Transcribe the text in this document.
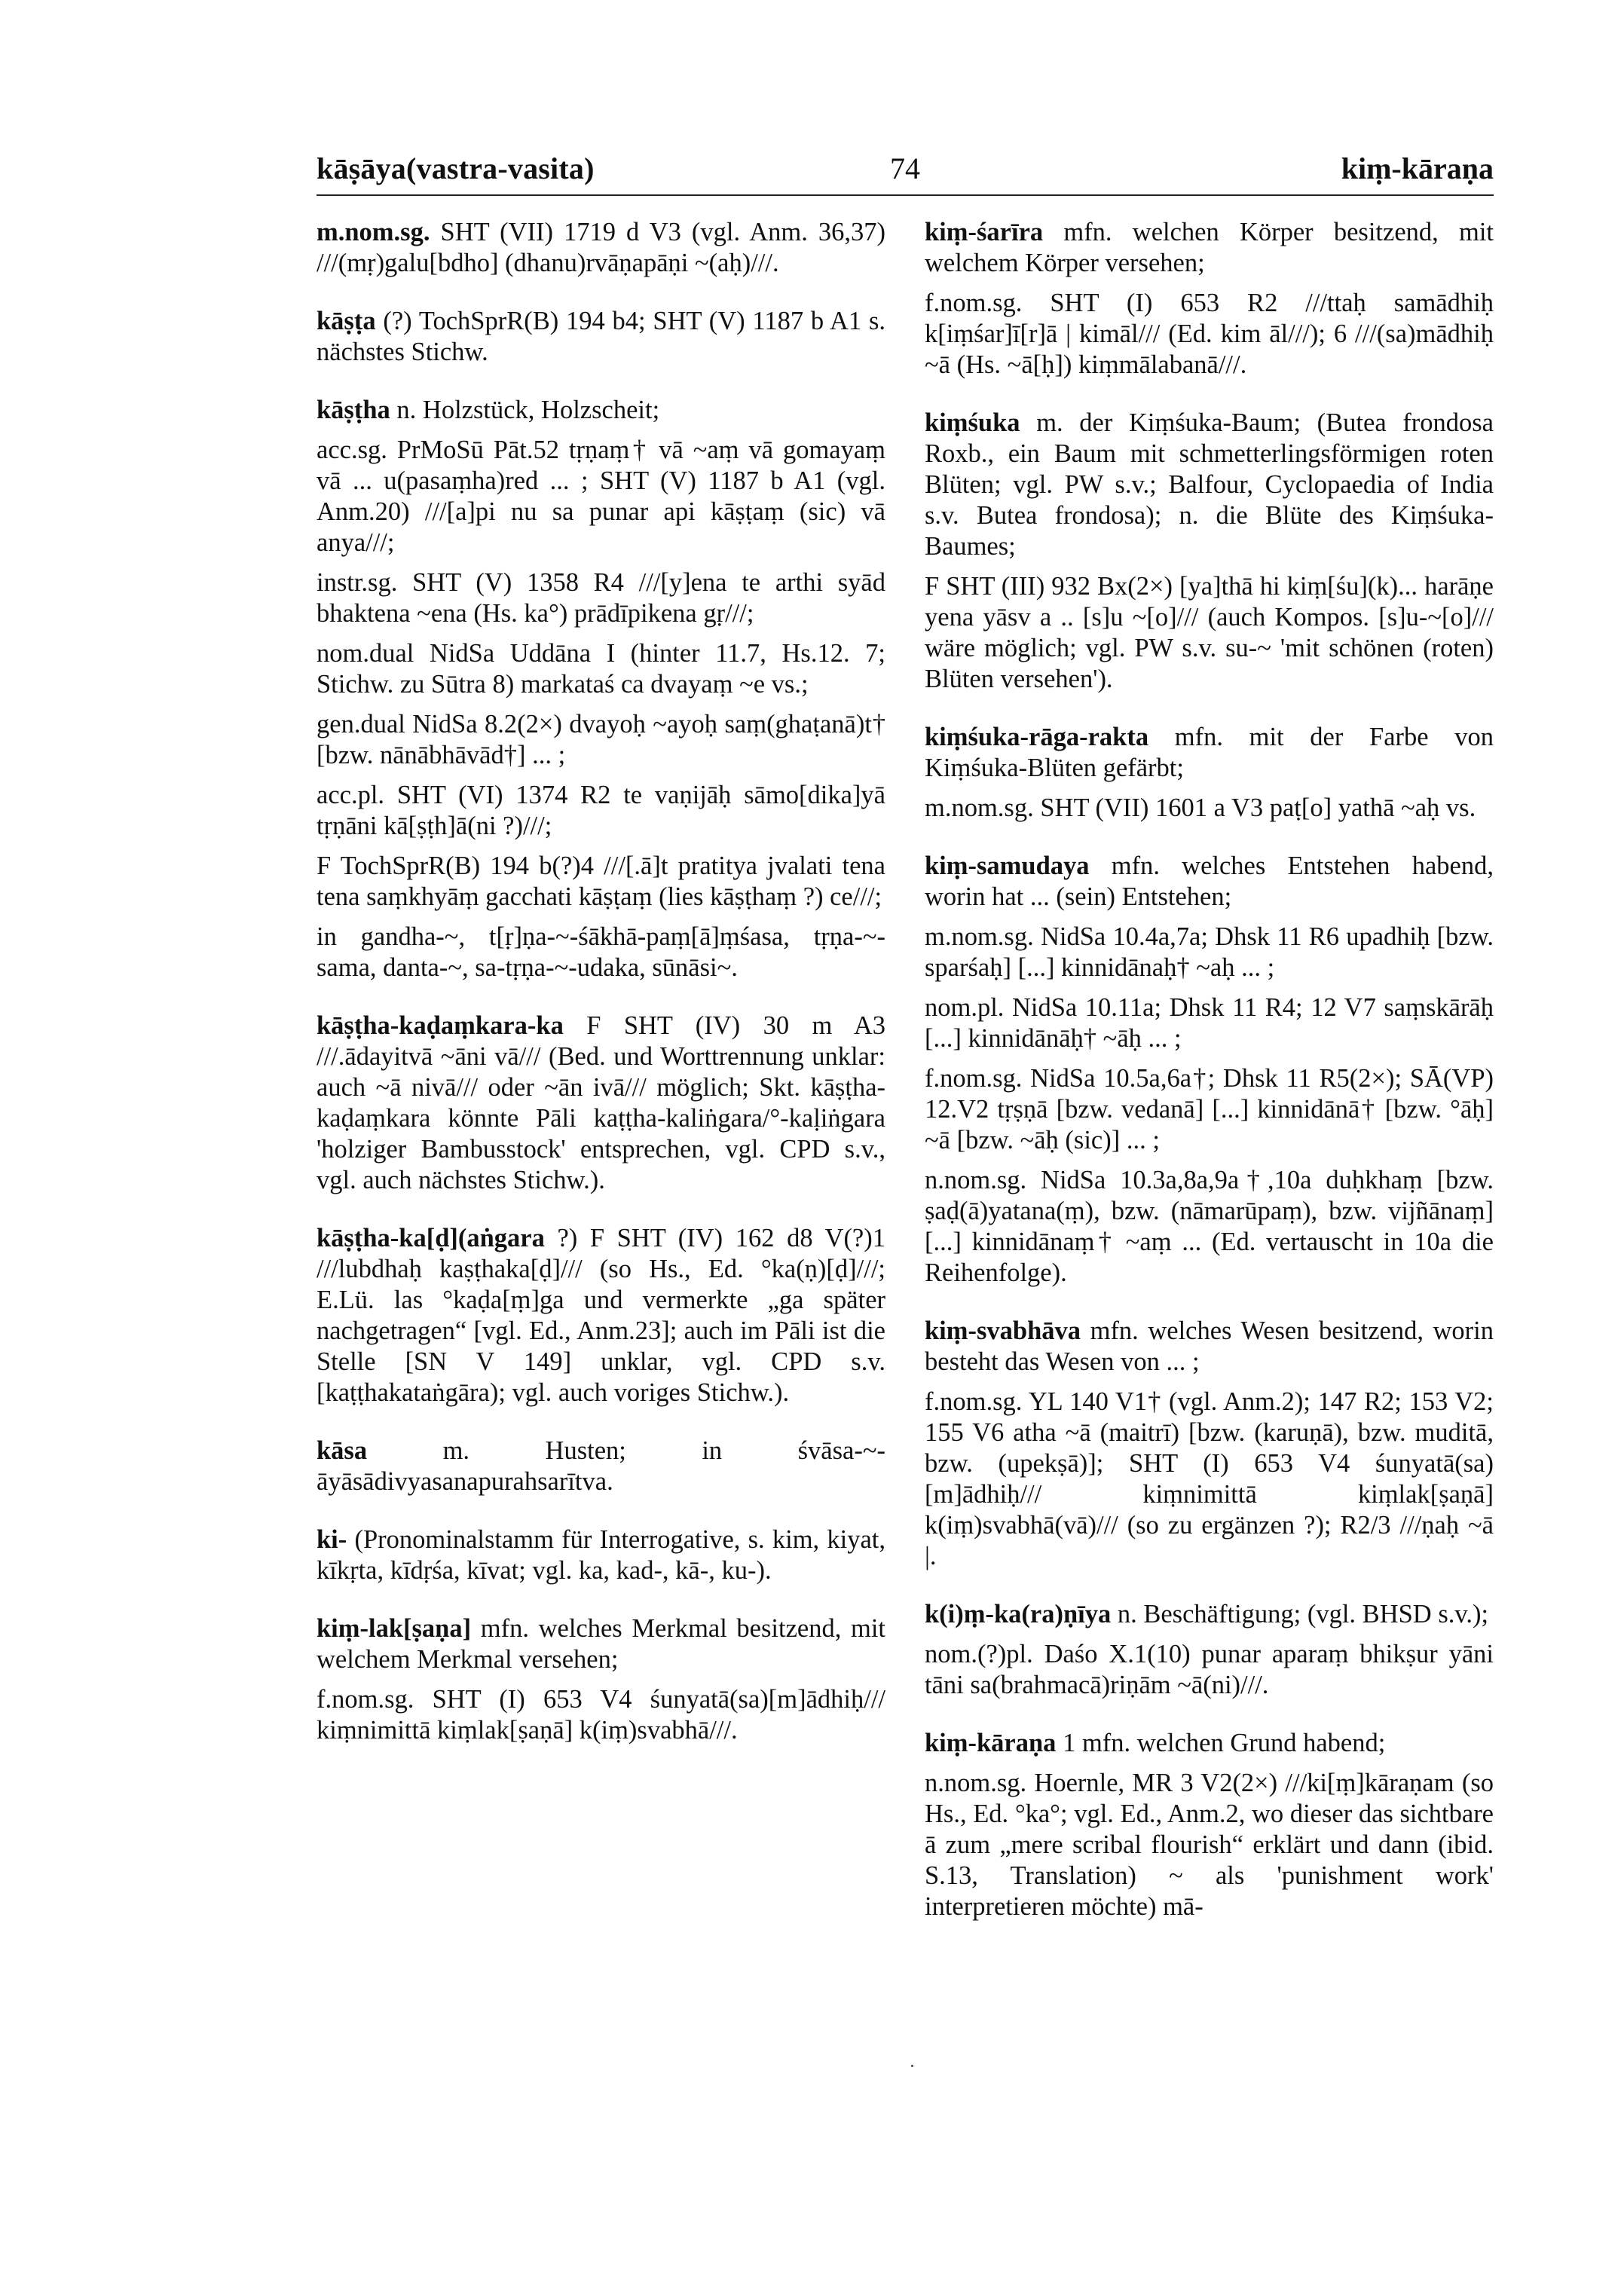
kāṣāya(vastra-vasita)	74	kiṃ-kāraṇa
m.nom.sg. SHT (VII) 1719 d V3 (vgl. Anm. 36,37) ///(mṛ)galu[bdho] (dhanu)rvāṇapāṇi ~(aḥ)///.
kāṣṭa (?) TochSprR(B) 194 b4; SHT (V) 1187 b A1 s. nächstes Stichw.
kāṣṭha n. Holzstück, Holzscheit;
acc.sg. PrMoSū Pāt.52 tṛṇaṃ† vā ~aṃ vā gomayaṃ vā ... u(pasaṃha)red ... ; SHT (V) 1187 b A1 (vgl. Anm.20) ///[a]pi nu sa punar api kāṣṭaṃ (sic) vā anya///;
instr.sg. SHT (V) 1358 R4 ///[y]ena te arthi syād bhaktena ~ena (Hs. ka°) prādīpikena gṛ///;
nom.dual NidSa Uddāna I (hinter 11.7, Hs.12. 7; Stichw. zu Sūtra 8) markataś ca dvayaṃ ~e vs.;
gen.dual NidSa 8.2(2×) dvayoḥ ~ayoḥ saṃ(ghaṭanā)t† [bzw. nānābhāvād†] ... ;
acc.pl. SHT (VI) 1374 R2 te vaṇijāḥ sāmo[dika]yā tṛṇāni kā[ṣṭh]ā(ni ?)///;
F TochSprR(B) 194 b(?)4 ///[.ā]t pratitya jvalati tena tena saṃkhyāṃ gacchati kāṣṭaṃ (lies kāṣṭhaṃ ?) ce///;
in gandha-~, t[ṛ]ṇa-~-śākhā-paṃ[ā]ṃśasa, tṛṇa-~-sama, danta-~, sa-tṛṇa-~-udaka, sūnāsi~.
kāṣṭha-kaḍaṃkara-ka F SHT (IV) 30 m A3 ///.ādayitvā ~āni vā/// (Bed. und Worttrennung unklar: auch ~ā nivā/// oder ~ān ivā/// möglich; Skt. kāṣṭha-kaḍaṃkara könnte Pāli kaṭṭha-kaliṅgara/°-kaḷiṅgara 'holziger Bambusstock' entsprechen, vgl. CPD s.v., vgl. auch nächstes Stichw.).
kāṣṭha-ka[ḍ](aṅgara ?) F SHT (IV) 162 d8 V(?)1 ///lubdhaḥ kaṣṭhaka[ḍ]/// (so Hs., Ed. °ka(ṇ)[ḍ]///; E.Lü. las °kaḍa[ṃ]ga und vermerkte „ga später nachgetragen“ [vgl. Ed., Anm.23]; auch im Pāli ist die Stelle [SN V 149] unklar, vgl. CPD s.v. [kaṭṭhakataṅgāra); vgl. auch voriges Stichw.).
kāsa m. Husten; in śvāsa-~-āyāsādivyasanapurahsarītva.
ki- (Pronominalstamm für Interrogative, s. kim, kiyat, kīkṛta, kīdṛśa, kīvat; vgl. ka, kad-, kā-, ku-).
kiṃ-lak[ṣaṇa] mfn. welches Merkmal besitzend, mit welchem Merkmal versehen;
f.nom.sg. SHT (I) 653 V4 śunyatā(sa)[m]ādhiḥ/// kiṃnimittā kiṃlak[ṣaṇā] k(iṃ)svabhā///.
kiṃ-śarīra mfn. welchen Körper besitzend, mit welchem Körper versehen;
f.nom.sg. SHT (I) 653 R2 ///ttaḥ samādhiḥ k[iṃśar]ī[r]ā | kimāl/// (Ed. kim āl///); 6 ///(sa)mādhiḥ ~ā (Hs. ~ā[ḥ]) kiṃmālabanā///.
kiṃśuka m. der Kiṃśuka-Baum; (Butea frondosa Roxb., ein Baum mit schmetterlingsförmigen roten Blüten; vgl. PW s.v.; Balfour, Cyclopaedia of India s.v. Butea frondosa); n. die Blüte des Kiṃśuka-Baumes;
F SHT (III) 932 Bx(2×) [ya]thā hi kiṃ[śu](k)... harāṇe yena yāsv a .. [s]u ~[o]/// (auch Kompos. [s]u-~[o]/// wäre möglich; vgl. PW s.v. su-~ 'mit schönen (roten) Blüten versehen').
kiṃśuka-rāga-rakta mfn. mit der Farbe von Kiṃśuka-Blüten gefärbt;
m.nom.sg. SHT (VII) 1601 a V3 paṭ[o] yathā ~aḥ vs.
kiṃ-samudaya mfn. welches Entstehen habend, worin hat ... (sein) Entstehen;
m.nom.sg. NidSa 10.4a,7a; Dhsk 11 R6 upadhiḥ [bzw. sparśaḥ] [...] kinnidānaḥ† ~aḥ ... ;
nom.pl. NidSa 10.11a; Dhsk 11 R4; 12 V7 saṃskārāḥ [...] kinnidānāḥ† ~āḥ ... ;
f.nom.sg. NidSa 10.5a,6a†; Dhsk 11 R5(2×); SĀ(VP) 12.V2 tṛṣṇā [bzw. vedanā] [...] kinnidānā† [bzw. °āḥ] ~ā [bzw. ~āḥ (sic)] ... ;
n.nom.sg. NidSa 10.3a,8a,9a†,10a duḥkhaṃ [bzw. ṣaḍ(ā)yatana(ṃ), bzw. (nāmarūpaṃ), bzw. vijñānaṃ] [...] kinnidānaṃ† ~aṃ ... (Ed. vertauscht in 10a die Reihenfolge).
kiṃ-svabhāva mfn. welches Wesen besitzend, worin besteht das Wesen von ... ;
f.nom.sg. YL 140 V1† (vgl. Anm.2); 147 R2; 153 V2; 155 V6 atha ~ā (maitrī) [bzw. (karuṇā), bzw. muditā, bzw. (upekṣā)]; SHT (I) 653 V4 śunyatā(sa)[m]ādhiḥ/// kiṃnimittā kiṃlak[ṣaṇā] k(iṃ)svabhā(vā)/// (so zu ergänzen ?); R2/3 ///ṇaḥ ~ā |.
k(i)ṃ-ka(ra)ṇīya n. Beschäftigung; (vgl. BHSD s.v.);
nom.(?)pl. Daśo X.1(10) punar aparaṃ bhikṣur yāni tāni sa(brahmacā)riṇām ~ā(ni)///.
kiṃ-kāraṇa 1 mfn. welchen Grund habend;
n.nom.sg. Hoernle, MR 3 V2(2×) ///ki[ṃ]kāraṇam (so Hs., Ed. °ka°; vgl. Ed., Anm.2, wo dieser das sichtbare ā zum „mere scribal flourish“ erklärt und dann (ibid. S.13, Translation) ~ als 'punishment work' interpretieren möchte) mā-
